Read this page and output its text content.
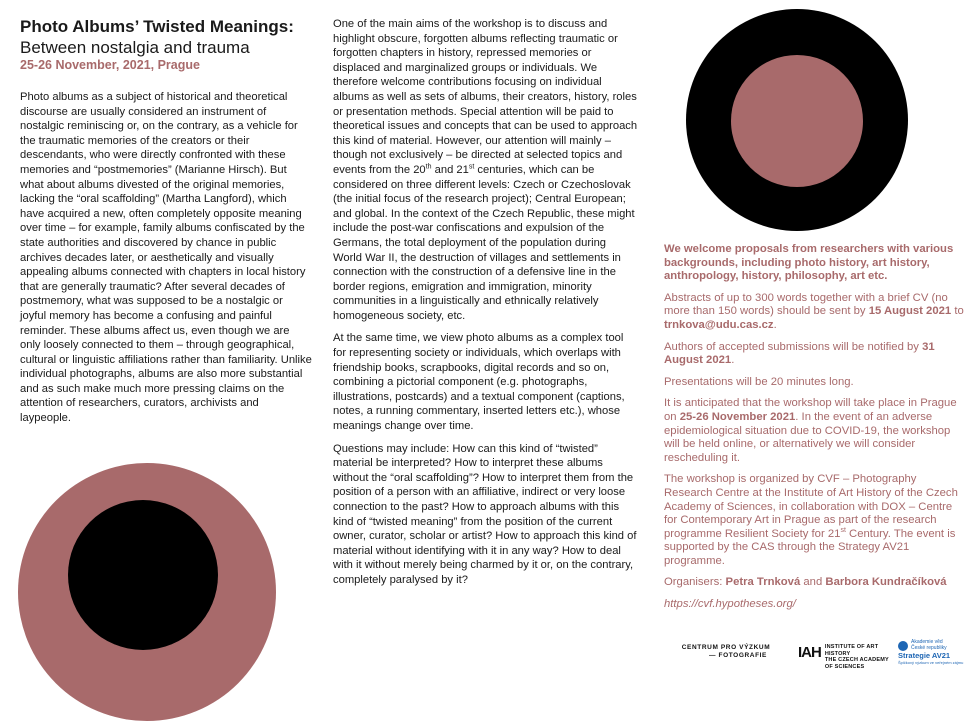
Photo Albums’ Twisted Meanings:
Between nostalgia and trauma
25-26 November, 2021, Prague

Photo albums as a subject of historical and theoretical discourse are usually considered an instrument of nostalgic reminiscing or, on the contrary, as a vehicle for the traumatic memories of the creators or their descendants, who were directly confronted with these memories and “postmemories” (Marianne Hirsch). But what about albums divested of the original memories, lacking the “oral scaffolding” (Martha Langford), which have acquired a new, often completely opposite meaning over time – for example, family albums confiscated by the state authorities and discovered by chance in public archives decades later, or aesthetically and visually appealing albums connected with chapters in local history that are generally traumatic? After several decades of postmemory, what was supposed to be a nostalgic or joyful memory has become a confusing and painful reminder. These albums affect us, even though we are only loosely connected to them – through geographical, cultural or linguistic affiliations rather than familiarity. Unlike individual photographs, albums are also more substantial and as such make much more pressing claims on the attention of researchers, curators, archivists and laypeople.

One of the main aims of the workshop is to discuss and highlight obscure, forgotten albums reflecting traumatic or forgotten chapters in history, repressed memories or displaced and marginalized groups or individuals. We therefore welcome contributions focusing on individual albums as well as sets of albums, their creators, history, roles or presentation methods. Special attention will be paid to theoretical issues and concepts that can be used to approach this kind of material. However, our attention will mainly – though not exclusively – be directed at selected topics and events from the 20th and 21st centuries, which can be considered on three different levels: Czech or Czechoslovak (the initial focus of the research project); Central European; and global. In the context of the Czech Republic, these might include the post-war confiscations and expulsion of the Germans, the total deployment of the population during World War II, the destruction of villages and settlements in connection with the construction of a defensive line in the border regions, emigration and immigration, minority communities in a linguistically and ethnically relatively homogeneous society, etc.

At the same time, we view photo albums as a complex tool for representing society or individuals, which overlaps with friendship books, scrapbooks, digital records and so on, combining a pictorial component (e.g. photographs, illustrations, postcards) and a textual component (captions, notes, a running commentary, inserted letters etc.), whose meanings change over time.

Questions may include: How can this kind of “twisted” material be interpreted? How to interpret these albums without the “oral scaffolding”? How to interpret them from the position of a person with an affiliative, indirect or very loose connection to the past? How to approach albums with this kind of “twisted meaning” from the position of the current owner, curator, scholar or artist? How to approach this kind of material without identifying with it in any way? How to deal with it without merely being charmed by it or, on the contrary, completely paralysed by it?

We welcome proposals from researchers with various backgrounds, including photo history, art history, anthropology, history, philosophy, art etc.

Abstracts of up to 300 words together with a brief CV (no more than 150 words) should be sent by 15 August 2021 to trnkova@udu.cas.cz.

Authors of accepted submissions will be notified by 31 August 2021.

Presentations will be 20 minutes long.

It is anticipated that the workshop will take place in Prague on 25-26 November 2021. In the event of an adverse epidemiological situation due to COVID-19, the workshop will be held online, or alternatively we will consider rescheduling it.

The workshop is organized by CVF – Photography Research Centre at the Institute of Art History of the Czech Academy of Sciences, in collaboration with DOX – Centre for Contemporary Art in Prague as part of the research programme Resilient Society for 21st Century. The event is supported by the CAS through the Strategy AV21 programme.

Organisers: Petra Trnková and Barbora Kundračíková

https://cvf.hypotheses.org/

CENTRUM PRO VÝZKUM
— FOTOGRAFIE	IAH INSTITUTE OF ART HISTORY
THE CZECH ACADEMY
OF SCIENCES
Akademie věd
České republiky
Strategie AV21
Špičkový výzkum ve veřejném zájmu
